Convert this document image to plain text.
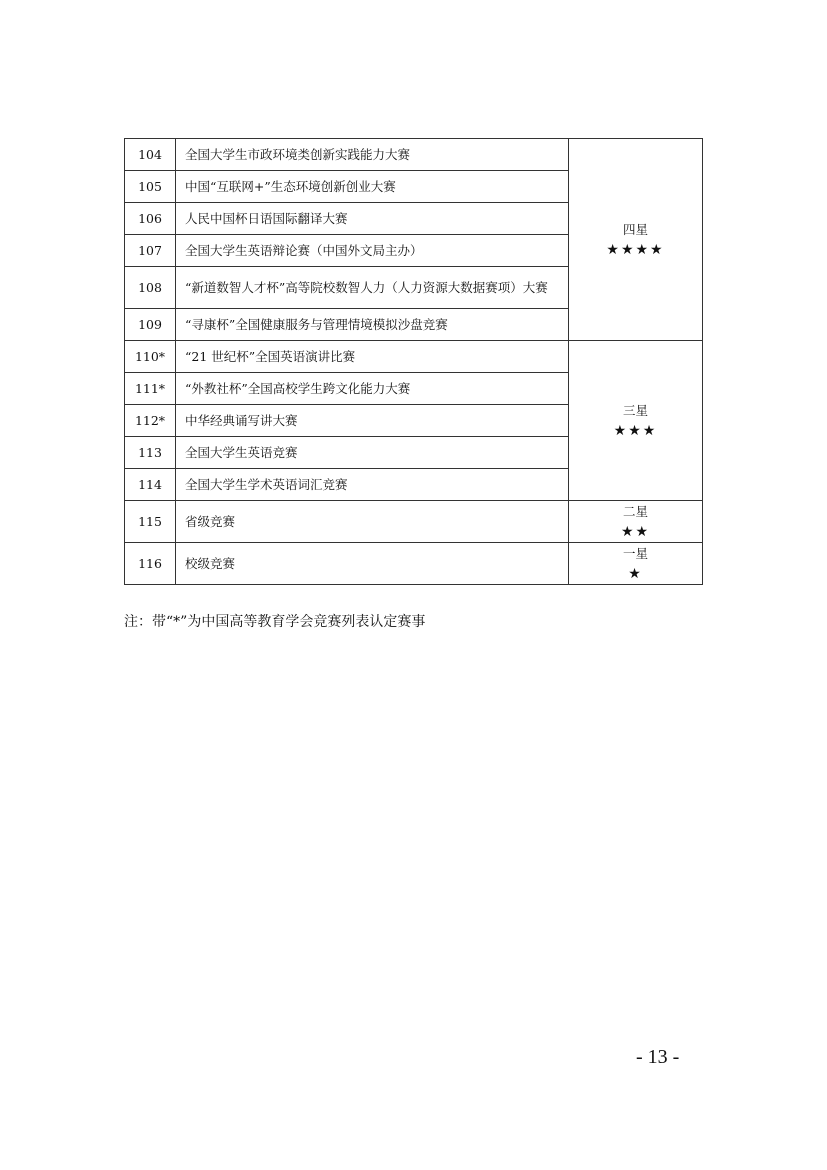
104	全国大学生市政环境类创新实践能力大赛	四星
★★★★

105	中国“互联网+”生态环境创新创业大赛	
106	人民中国杯日语国际翻译大赛	
107	全国大学生英语辩论赛（中国外文局主办）	
108	“新道数智人才杯”高等院校数智人力（人力资源大数据赛项）大赛	
109	“寻康杯”全国健康服务与管理情境模拟沙盘竞赛	
110*	“21 世纪杯”全国英语演讲比赛	三星
★★★

111*	“外教社杯”全国高校学生跨文化能力大赛	
112*	中华经典诵写讲大赛	
113	全国大学生英语竞赛	
114	全国大学生学术英语词汇竞赛	
115	省级竞赛	二星
★★

116	校级竞赛	一星
★
注：带“*”为中国高等教育学会竞赛列表认定赛事
- 13 -
